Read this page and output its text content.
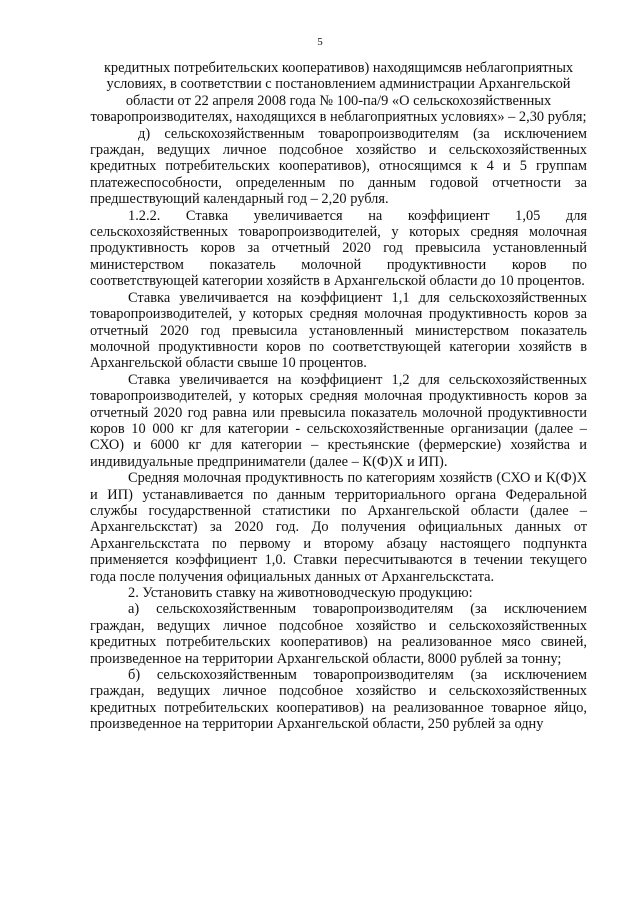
5

кредитных потребительских кооперативов) находящимсяв неблагоприятных условиях, в соответствии с постановлением администрации Архангельской области от 22 апреля 2008 года № 100-па/9 «О сельскохозяйственных товаропроизводителях, находящихся в неблагоприятных условиях» – 2,30 рубля;

д) сельскохозяйственным товаропроизводителям (за исключением граждан, ведущих личное подсобное хозяйство и сельскохозяйственных кредитных потребительских кооперативов), относящимся к 4 и 5 группам платежеспособности, определенным по данным годовой отчетности за предшествующий календарный год – 2,20 рубля.

1.2.2. Ставка увеличивается на коэффициент 1,05 для сельскохозяйственных товаропроизводителей, у которых средняя молочная продуктивность коров за отчетный 2020 год превысила установленный министерством показатель молочной продуктивности коров по соответствующей категории хозяйств в Архангельской области до 10 процентов.

Ставка увеличивается на коэффициент 1,1 для сельскохозяйственных товаропроизводителей, у которых средняя молочная продуктивность коров за отчетный 2020 год превысила установленный министерством показатель молочной продуктивности коров по соответствующей категории хозяйств в Архангельской области свыше 10 процентов.

Ставка увеличивается на коэффициент 1,2 для сельскохозяйственных товаропроизводителей, у которых средняя молочная продуктивность коров за отчетный 2020 год равна или превысила показатель молочной продуктивности коров 10 000 кг для категории - сельскохозяйственные организации (далее – СХО) и 6000 кг для категории – крестьянские (фермерские) хозяйства и индивидуальные предприниматели (далее – К(Ф)Х и ИП).

Средняя молочная продуктивность по категориям хозяйств (СХО и К(Ф)Х и ИП) устанавливается по данным территориального органа Федеральной службы государственной статистики по Архангельской области (далее – Архангельскстат) за 2020 год. До получения официальных данных от Архангельскстата по первому и второму абзацу настоящего подпункта применяется коэффициент 1,0. Ставки пересчитываются в течении текущего года после получения официальных данных от Архангельскстата.

2. Установить ставку на животноводческую продукцию:

а) сельскохозяйственным товаропроизводителям (за исключением граждан, ведущих личное подсобное хозяйство и сельскохозяйственных кредитных потребительских кооперативов) на реализованное мясо свиней, произведенное на территории Архангельской области, 8000 рублей за тонну;

б) сельскохозяйственным товаропроизводителям (за исключением граждан, ведущих личное подсобное хозяйство и сельскохозяйственных кредитных потребительских кооперативов) на реализованное товарное яйцо, произведенное на территории Архангельской области, 250 рублей за одну
